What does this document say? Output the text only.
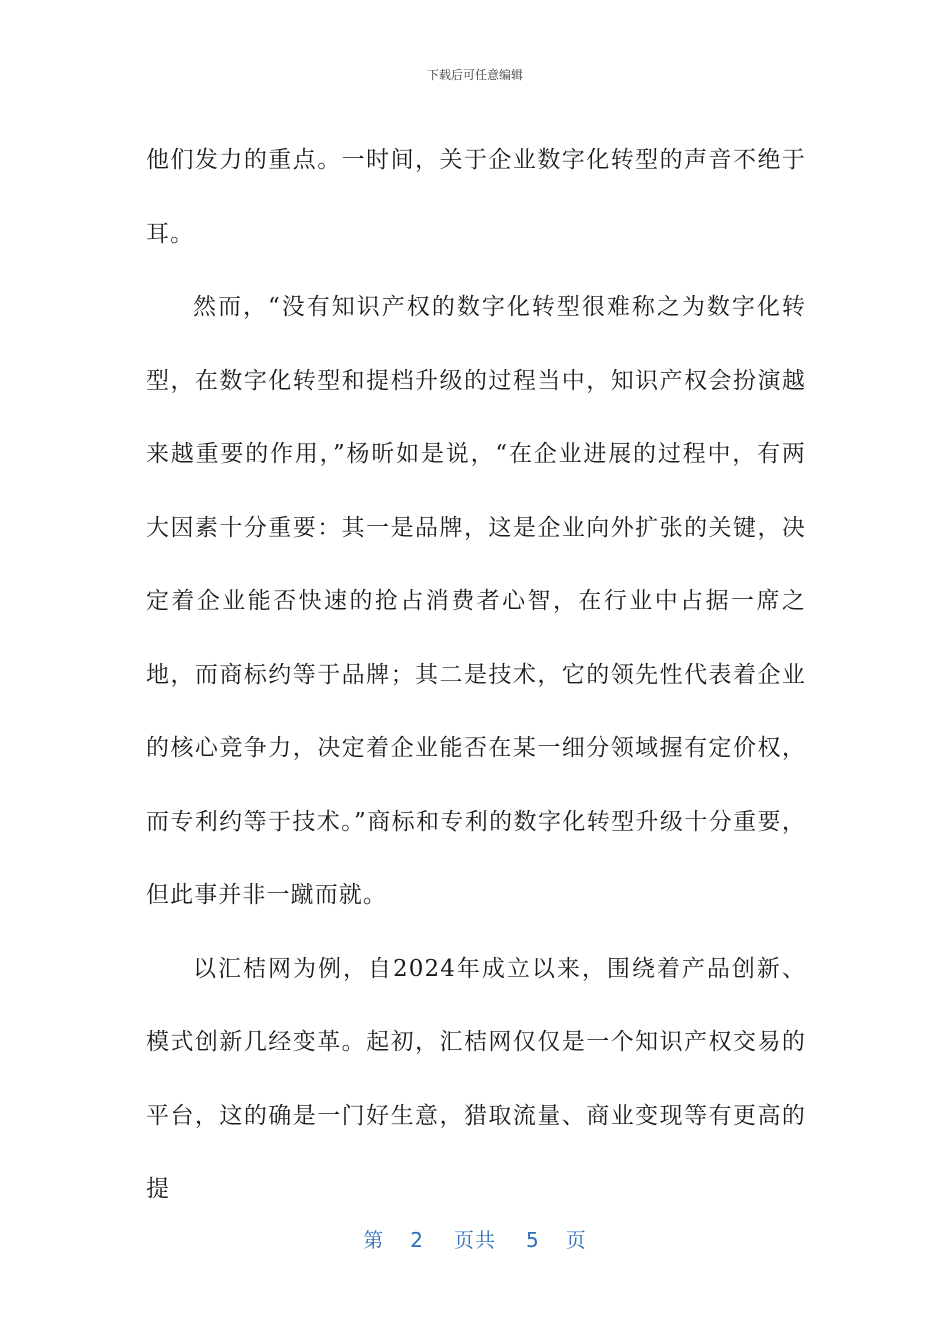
下载后可任意编辑

他们发力的重点。一时间，关于企业数字化转型的声音不绝于耳。

然而，“没有知识产权的数字化转型很难称之为数字化转型，在数字化转型和提档升级的过程当中，知识产权会扮演越来越重要的作用，”杨昕如是说，“在企业进展的过程中，有两大因素十分重要：其一是品牌，这是企业向外扩张的关键，决定着企业能否快速的抢占消费者心智，在行业中占据一席之地，而商标约等于品牌；其二是技术，它的领先性代表着企业的核心竞争力，决定着企业能否在某一细分领域握有定价权，而专利约等于技术。”商标和专利的数字化转型升级十分重要，但此事并非一蹴而就。

以汇桔网为例，自2024年成立以来，围绕着产品创新、模式创新几经变革。起初，汇桔网仅仅是一个知识产权交易的平台，这的确是一门好生意，猎取流量、商业变现等有更高的提

第 2 页共 5 页
